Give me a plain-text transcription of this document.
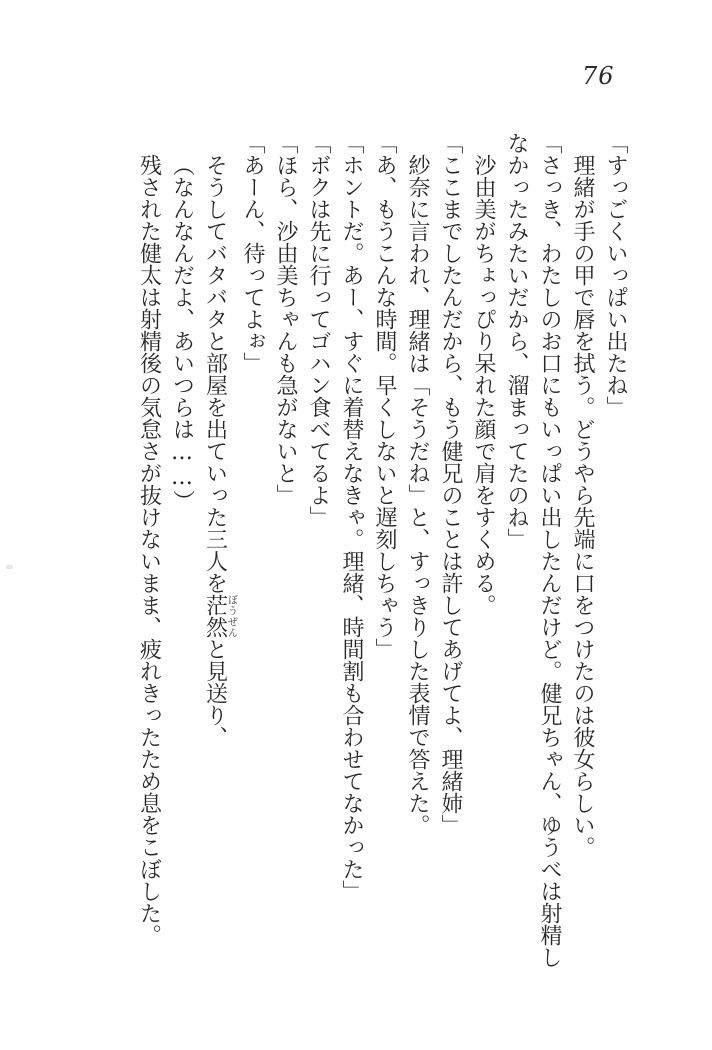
76
「すっごくいっぱい出たね」
理緒が手の甲で唇を拭う。どうやら先端に口をつけたのは彼女らしい。
「さっき、わたしのお口にもいっぱい出したんだけど。健兄ちゃん、ゆうべは射精し
なかったみたいだから、溜まってたのね」
沙由美がちょっぴり呆れた顔で肩をすくめる。
「ここまでしたんだから、もう健兄のことは許してあげてよ、理緒姉」
紗奈に言われ、理緒は「そうだね」と、すっきりした表情で答えた。
「あ、もうこんな時間。早くしないと遅刻しちゃう」
「ホントだ。あー、すぐに着替えなきゃ。理緒、時間割も合わせてなかった」
「ボクは先に行ってゴハン食べてるよ」
「ほら、沙由美ちゃんも急がないと」
「あーん、待ってよぉ」
そうしてバタバタと部屋を出ていった三人を茫然ぼうぜんと見送り、
（なんなんだよ、あいつらは……）
残された健太は射精後の気怠さが抜けないまま、疲れきったため息をこぼした。
